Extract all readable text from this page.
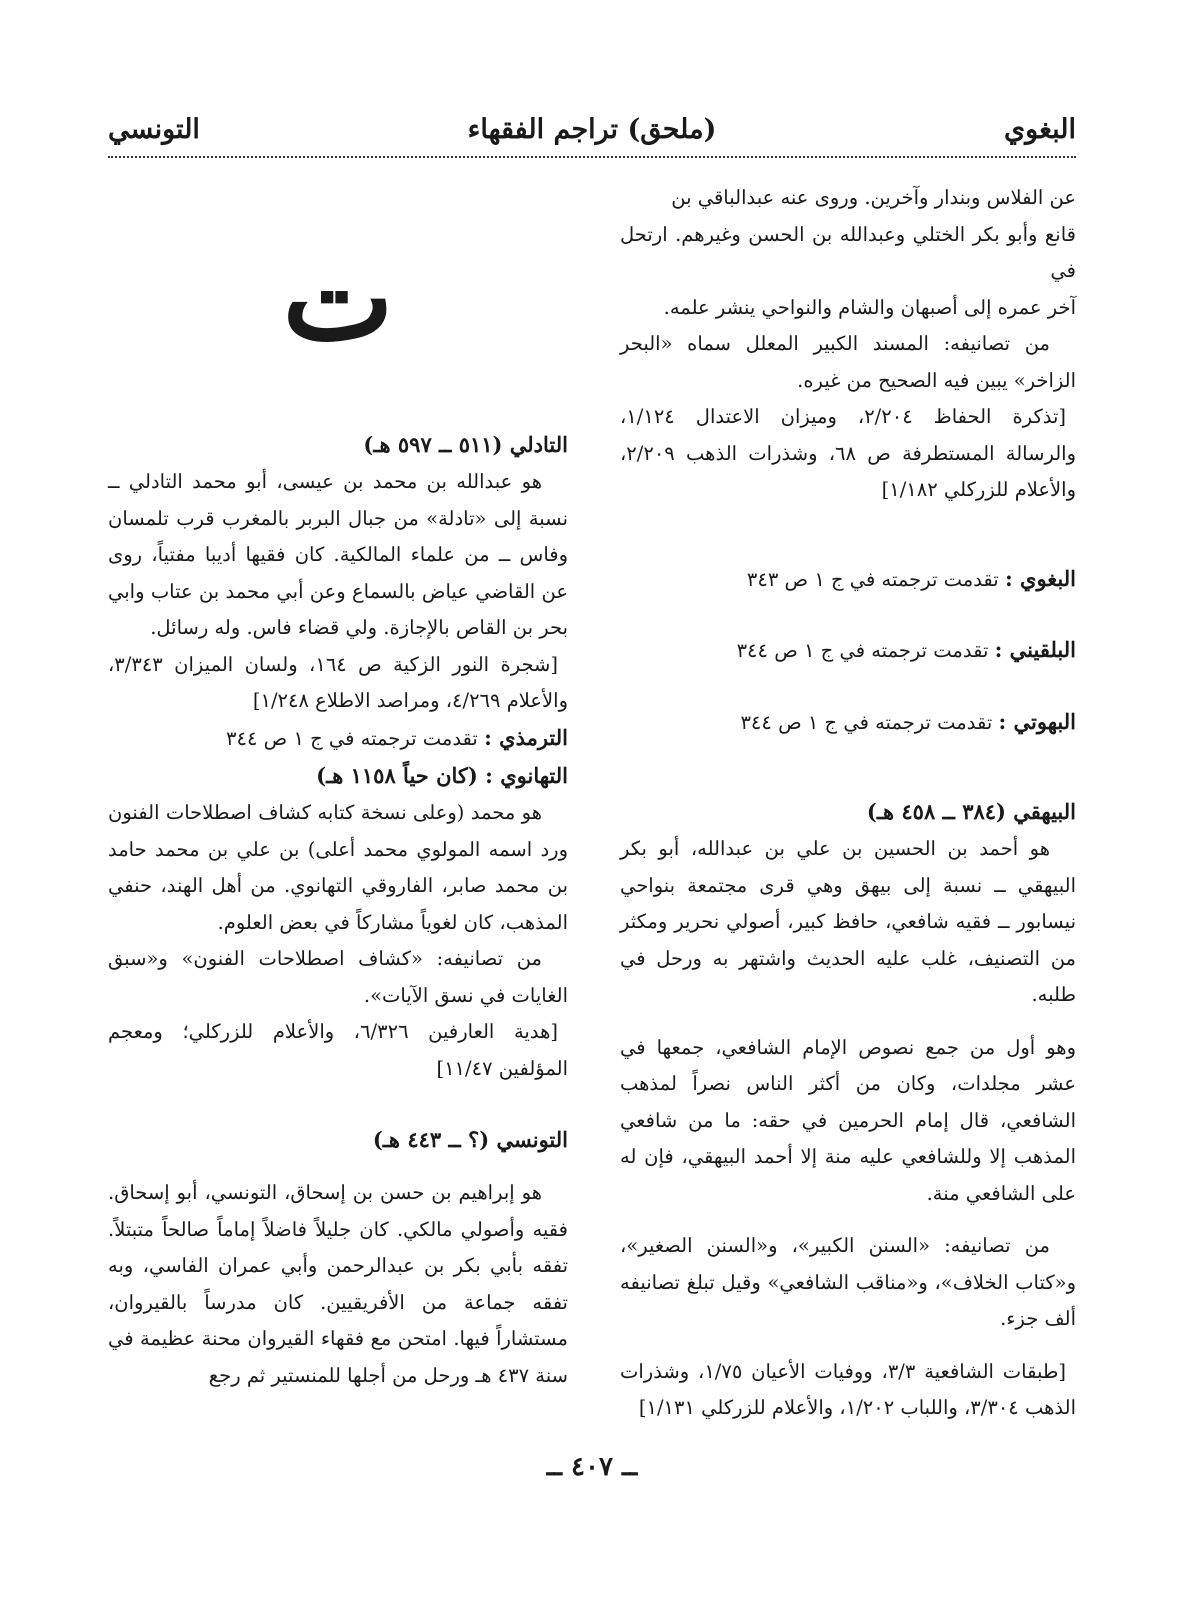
البغوي
(ملحق) تراجم الفقهاء
التونسي

عن الفلاس وبندار وآخرين. وروى عنه عبدالباقي بن

قانع وأبو بكر الختلي وعبدالله بن الحسن وغيرهم. ارتحل في

آخر عمره إلى أصبهان والشام والنواحي ينشر علمه.

من تصانيفه: المسند الكبير المعلل سماه «البحر الزاخر» يبين فيه الصحيح من غيره.

[تذكرة الحفاظ ٢/٢٠٤، وميزان الاعتدال ١/١٢٤، والرسالة المستطرفة ص ٦٨، وشذرات الذهب ٢/٢٠٩، والأعلام للزركلي ١/١٨٢]

البغوي : تقدمت ترجمته في ج ١ ص ٣٤٣

البلقيني : تقدمت ترجمته في ج ١ ص ٣٤٤

البهوتي : تقدمت ترجمته في ج ١ ص ٣٤٤

البيهقي (٣٨٤ ــ ٤٥٨ هـ)

هو أحمد بن الحسين بن علي بن عبدالله، أبو بكر البيهقي ــ نسبة إلى بيهق وهي قرى مجتمعة بنواحي نيسابور ــ فقيه شافعي، حافظ كبير، أصولي نحرير ومكثر من التصنيف، غلب عليه الحديث واشتهر به ورحل في طلبه.

وهو أول من جمع نصوص الإمام الشافعي، جمعها في عشر مجلدات، وكان من أكثر الناس نصراً لمذهب الشافعي، قال إمام الحرمين في حقه: ما من شافعي المذهب إلا وللشافعي عليه منة إلا أحمد البيهقي، فإن له على الشافعي منة.

من تصانيفه: «السنن الكبير»، و«السنن الصغير»، و«كتاب الخلاف»، و«مناقب الشافعي» وقيل تبلغ تصانيفه ألف جزء.

[طبقات الشافعية ٣/٣، ووفيات الأعيان ١/٧٥، وشذرات الذهب ٣/٣٠٤، واللباب ١/٢٠٢، والأعلام للزركلي ١/١٣١]

ت

التادلي (٥١١ ــ ٥٩٧ هـ)

هو عبدالله بن محمد بن عيسى، أبو محمد التادلي ــ نسبة إلى «تادلة» من جبال البربر بالمغرب قرب تلمسان وفاس ــ من علماء المالكية. كان فقيها أديبا مفتياً، روى عن القاضي عياض بالسماع وعن أبي محمد بن عتاب وابي بحر بن القاص بالإجازة. ولي قضاء فاس. وله رسائل.

[شجرة النور الزكية ص ١٦٤، ولسان الميزان ٣/٣٤٣، والأعلام ٤/٢٦٩، ومراصد الاطلاع ١/٢٤٨]

الترمذي : تقدمت ترجمته في ج ١ ص ٣٤٤

التهانوي : (كان حياً ١١٥٨ هـ)

هو محمد (وعلى نسخة كتابه كشاف اصطلاحات الفنون ورد اسمه المولوي محمد أعلى) بن علي بن محمد حامد بن محمد صابر، الفاروقي التهانوي. من أهل الهند، حنفي المذهب، كان لغوياً مشاركاً في بعض العلوم.

من تصانيفه: «كشاف اصطلاحات الفنون» و«سبق الغايات في نسق الآيات».

[هدية العارفين ٦/٣٢٦، والأعلام للزركلي؛ ومعجم المؤلفين ١١/٤٧]

التونسي (؟ ــ ٤٤٣ هـ)

هو إبراهيم بن حسن بن إسحاق، التونسي، أبو إسحاق. فقيه وأصولي مالكي. كان جليلاً فاضلاً إماماً صالحاً متبتلاً. تفقه بأبي بكر بن عبدالرحمن وأبي عمران الفاسي، وبه تفقه جماعة من الأفريقيين. كان مدرساً بالقيروان، مستشاراً فيها. امتحن مع فقهاء القيروان محنة عظيمة في سنة ٤٣٧ هـ ورحل من أجلها للمنستير ثم رجع

ــ ٤٠٧ ــ
